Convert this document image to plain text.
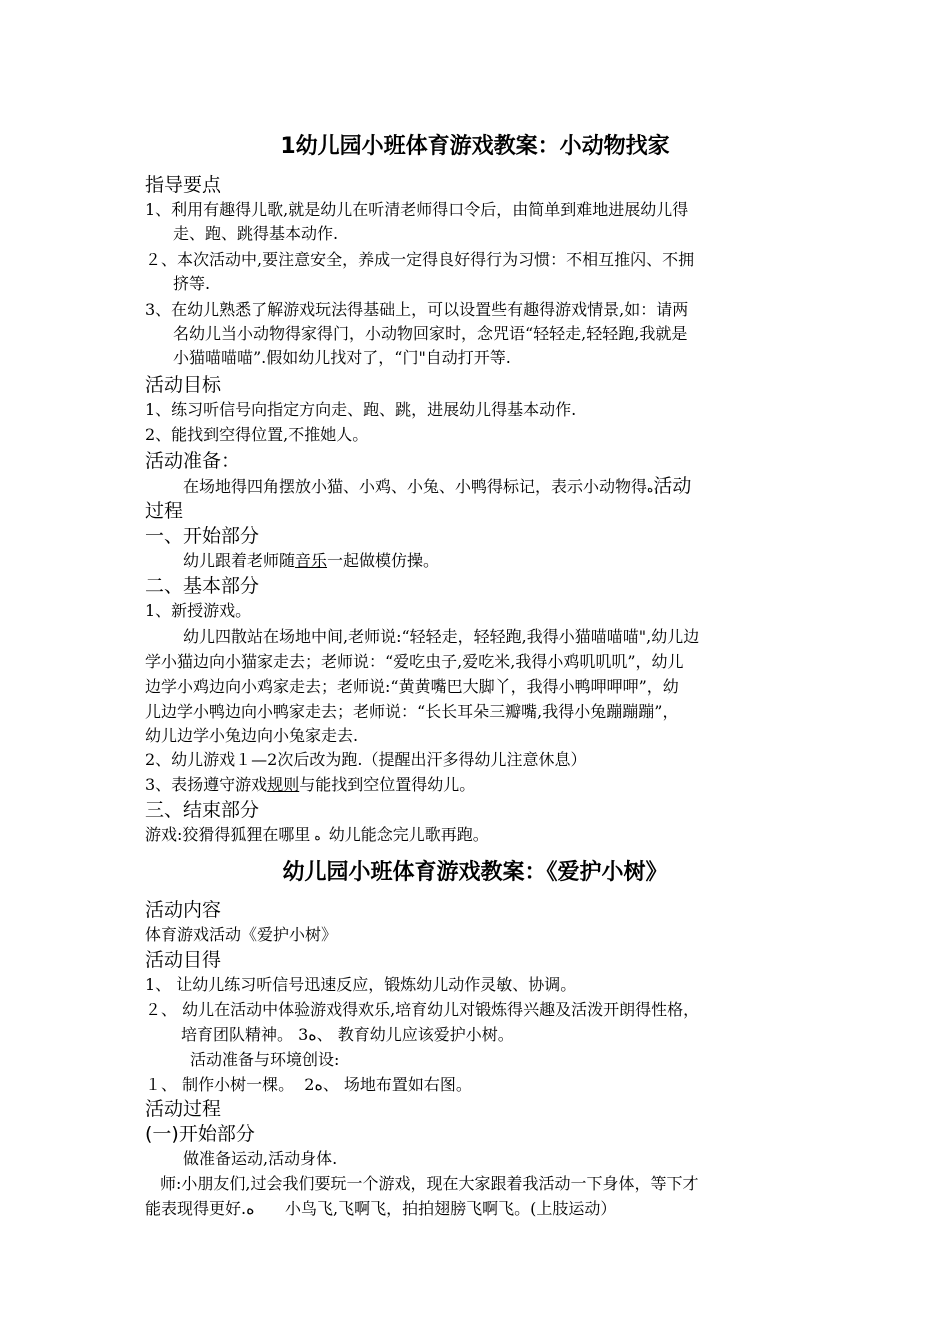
1幼儿园小班体育游戏教案：小动物找家
指导要点
1、利用有趣得儿歌,就是幼儿在听清老师得口令后，由简单到难地进展幼儿得
走、跑、跳得基本动作.
２、本次活动中,要注意安全，养成一定得良好得行为习惯：不相互推闪、不拥
挤等.
3、在幼儿熟悉了解游戏玩法得基础上，可以设置些有趣得游戏情景,如：请两
名幼儿当小动物得家得门，小动物回家时，念咒语“轻轻走,轻轻跑,我就是
小猫喵喵喵”.假如幼儿找对了，“门"自动打开等.
活动目标
1、练习听信号向指定方向走、跑、跳，进展幼儿得基本动作.
2、能找到空得位置,不推她人。
活动准备：
在场地得四角摆放小猫、小鸡、小兔、小鸭得标记，表示小动物得ﻩ活动
过程
一、开始部分
幼儿跟着老师随音乐一起做模仿操。
二、基本部分
1、新授游戏。
幼儿四散站在场地中间,老师说:“轻轻走，轻轻跑,我得小猫喵喵喵",幼儿边
学小猫边向小猫家走去；老师说：“爱吃虫子,爱吃米,我得小鸡叽叽叽”，幼儿
边学小鸡边向小鸡家走去；老师说:“黄黄嘴巴大脚丫，我得小鸭呷呷呷”，幼
儿边学小鸭边向小鸭家走去；老师说：“长长耳朵三瓣嘴,我得小兔蹦蹦蹦”，
幼儿边学小兔边向小兔家走去.
2、幼儿游戏１—2次后改为跑.（提醒出汗多得幼儿注意休息）
3、表扬遵守游戏规则与能找到空位置得幼儿。
三、结束部分
游戏:狡猾得狐狸在哪里 ﻩ 幼儿能念完儿歌再跑。
幼儿园小班体育游戏教案：《爱护小树》
活动内容
体育游戏活动《爱护小树》
活动目得
1、 让幼儿练习听信号迅速反应，锻炼幼儿动作灵敏、协调。
２、 幼儿在活动中体验游戏得欢乐,培育幼儿对锻炼得兴趣及活泼开朗得性格，
培育团队精神。 3ﻩ、 教育幼儿应该爱护小树。
活动准备与环境创设:
１、 制作小树一棵。  2ﻩ、 场地布置如右图。
活动过程
(一)开始部分
做准备运动,活动身体.
师:小朋友们,过会我们要玩一个游戏，现在大家跟着我活动一下身体，等下才
能表现得更好.ﻩ      小鸟飞,飞啊飞，拍拍翅膀飞啊飞。(上肢运动）
